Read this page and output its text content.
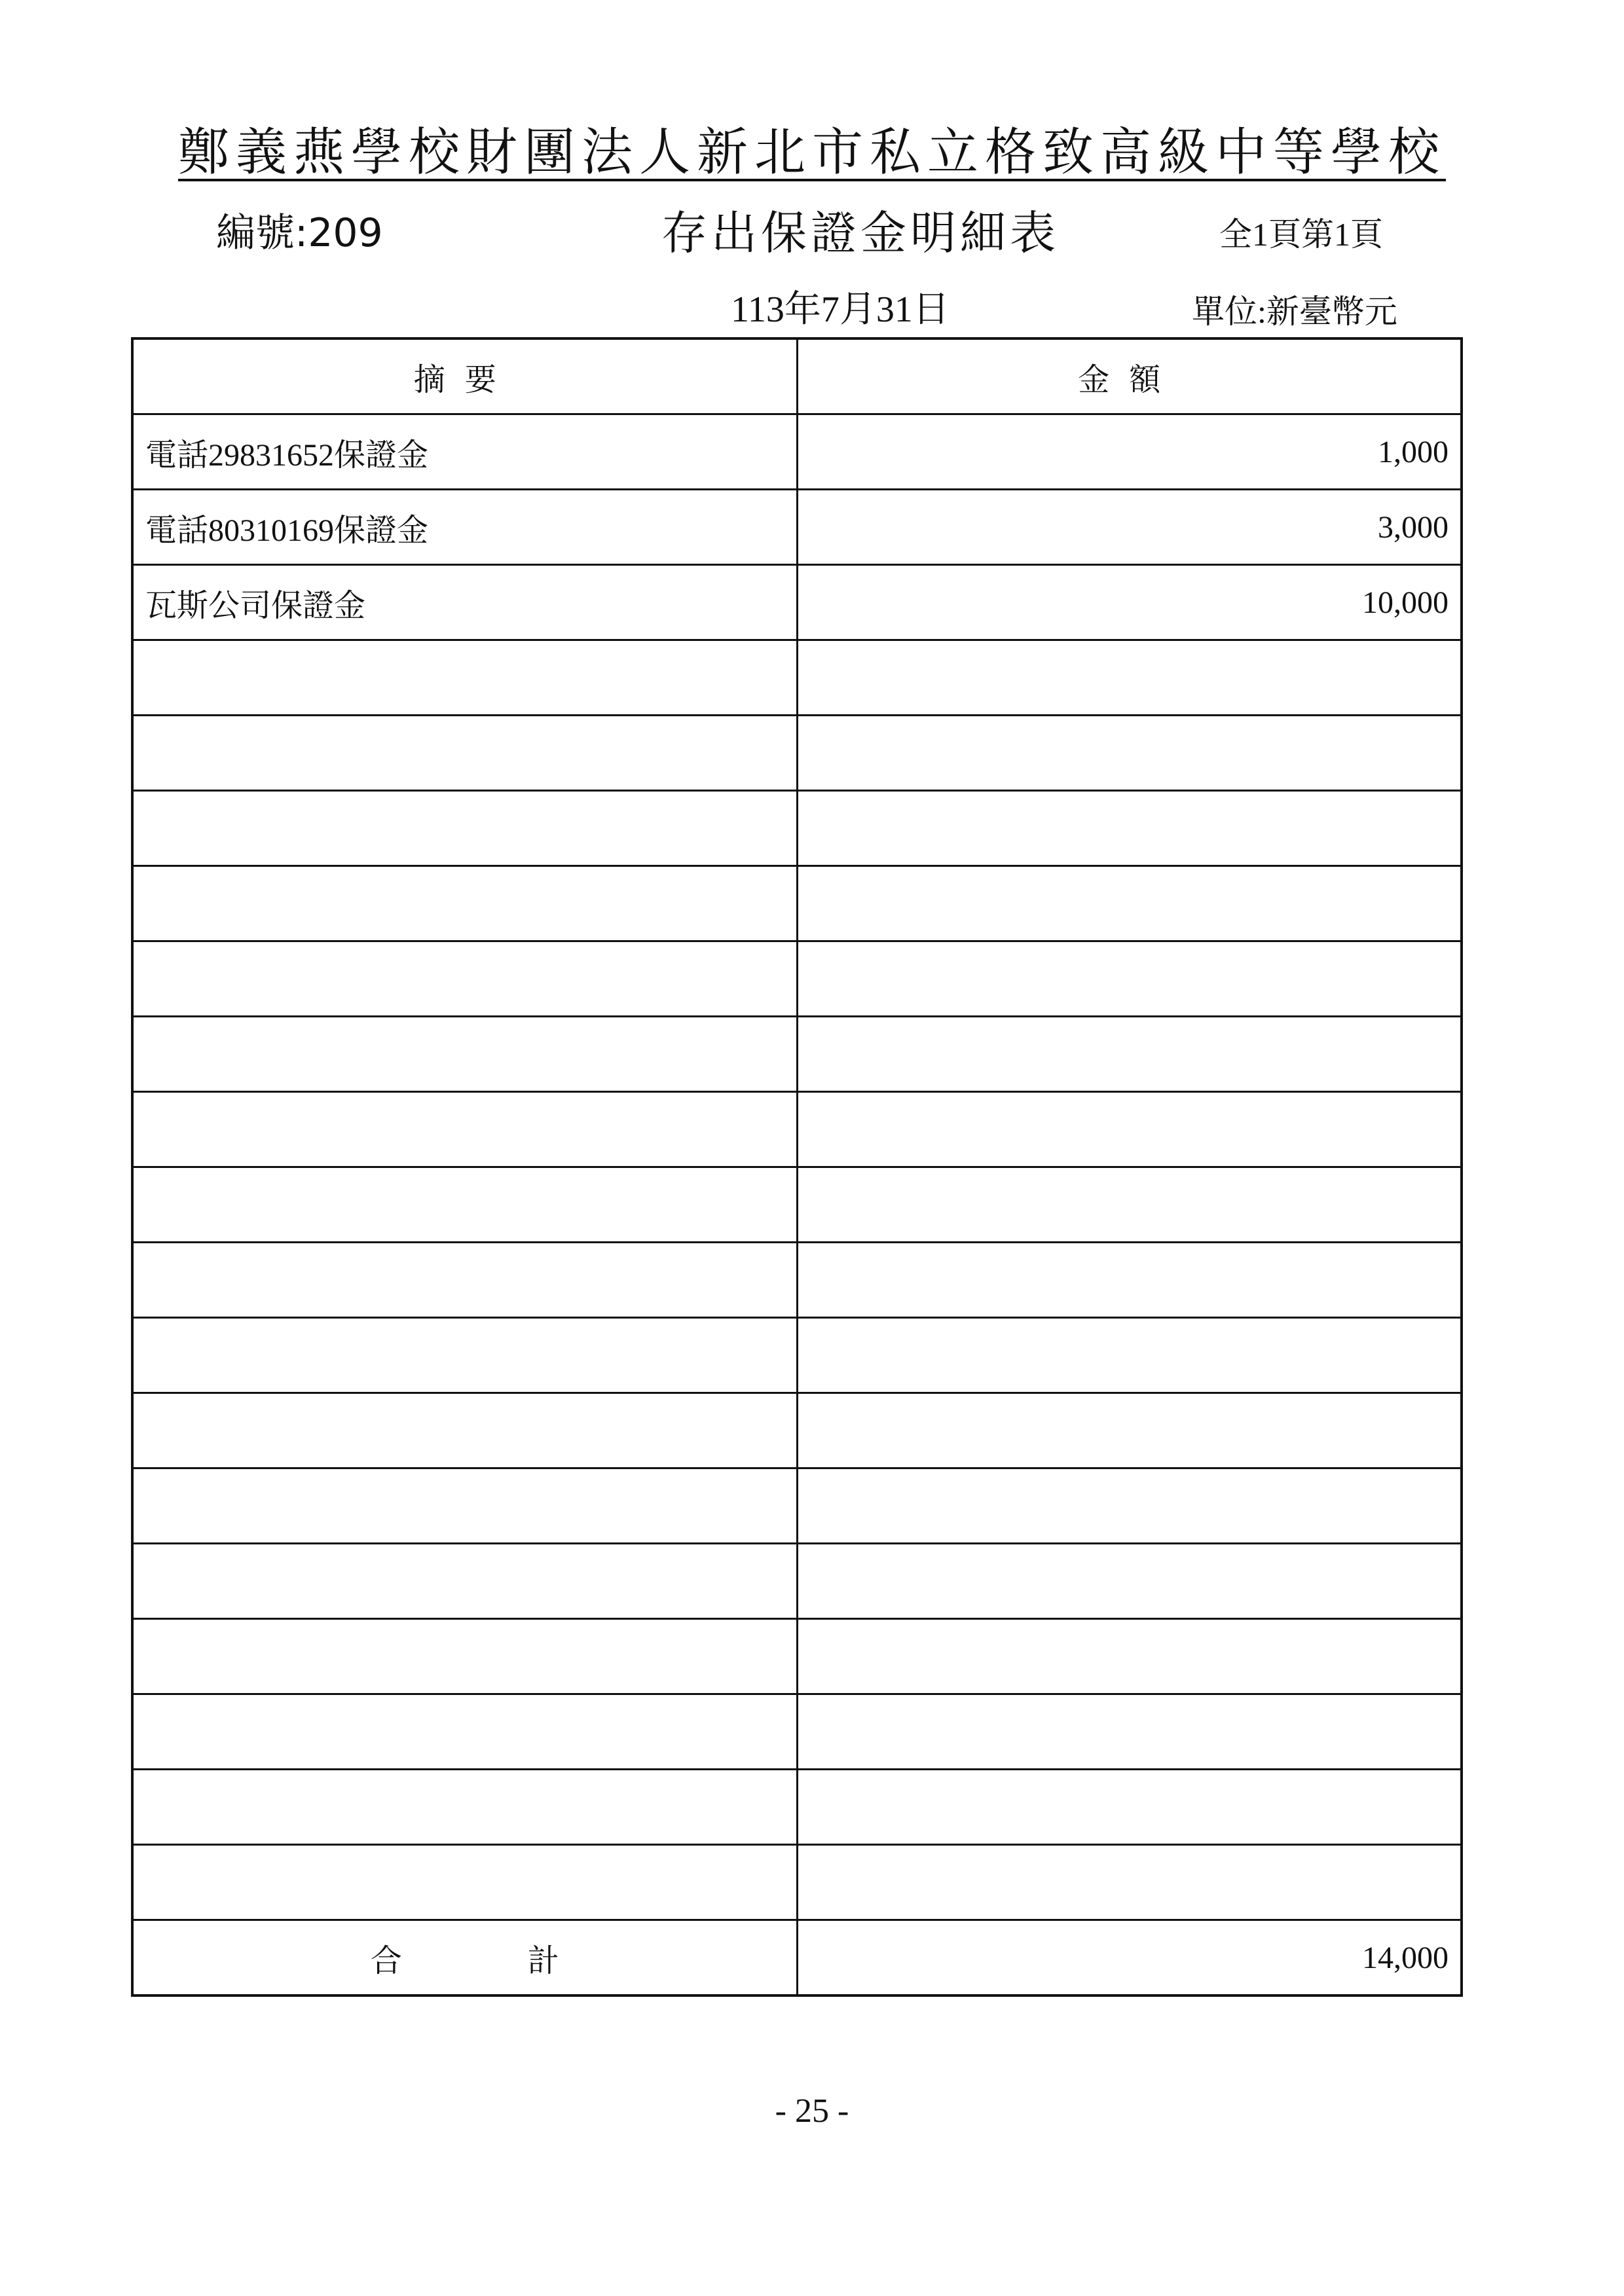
鄭義燕學校財團法人新北市私立格致高級中等學校
編號:209	存出保證金明細表	全1頁第1頁
113年7月31日	單位:新臺幣元
摘要	金額
電話29831652保證金	1,000
電話80310169保證金	3,000
瓦斯公司保證金	10,000

合 計	14,000
- 25 -
